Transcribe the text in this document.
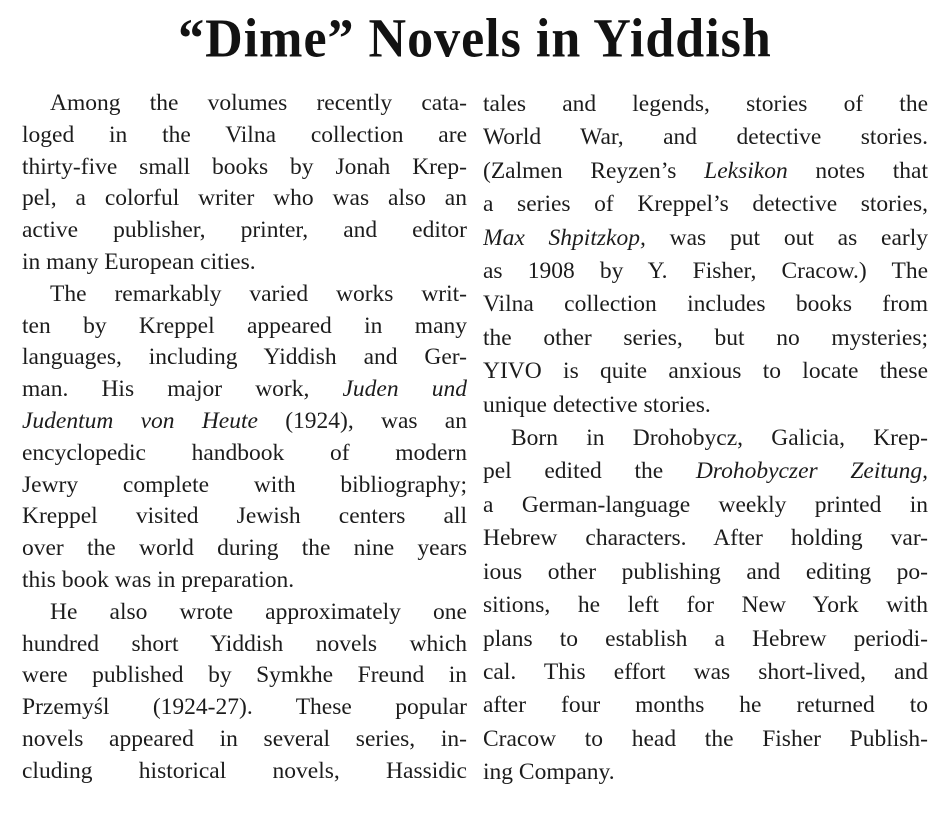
“Dime” Novels in Yiddish
Among the volumes recently cata-
loged in the Vilna collection are
thirty-five small books by Jonah Krep-
pel, a colorful writer who was also an
active publisher, printer, and editor
in many European cities.
The remarkably varied works writ-
ten by Kreppel appeared in many
languages, including Yiddish and Ger-
man. His major work, Juden und
Judentum von Heute (1924), was an
encyclopedic handbook of modern
Jewry complete with bibliography;
Kreppel visited Jewish centers all
over the world during the nine years
this book was in preparation.
He also wrote approximately one
hundred short Yiddish novels which
were published by Symkhe Freund in
Przemyśl (1924-27). These popular
novels appeared in several series, in-
cluding historical novels, Hassidic
tales and legends, stories of the
World War, and detective stories.
(Zalmen Reyzen’s Leksikon notes that
a series of Kreppel’s detective stories,
Max Shpitzkop, was put out as early
as 1908 by Y. Fisher, Cracow.) The
Vilna collection includes books from
the other series, but no mysteries;
YIVO is quite anxious to locate these
unique detective stories.
Born in Drohobycz, Galicia, Krep-
pel edited the Drohobyczer Zeitung,
a German-language weekly printed in
Hebrew characters. After holding var-
ious other publishing and editing po-
sitions, he left for New York with
plans to establish a Hebrew periodi-
cal. This effort was short-lived, and
after four months he returned to
Cracow to head the Fisher Publish-
ing Company.
